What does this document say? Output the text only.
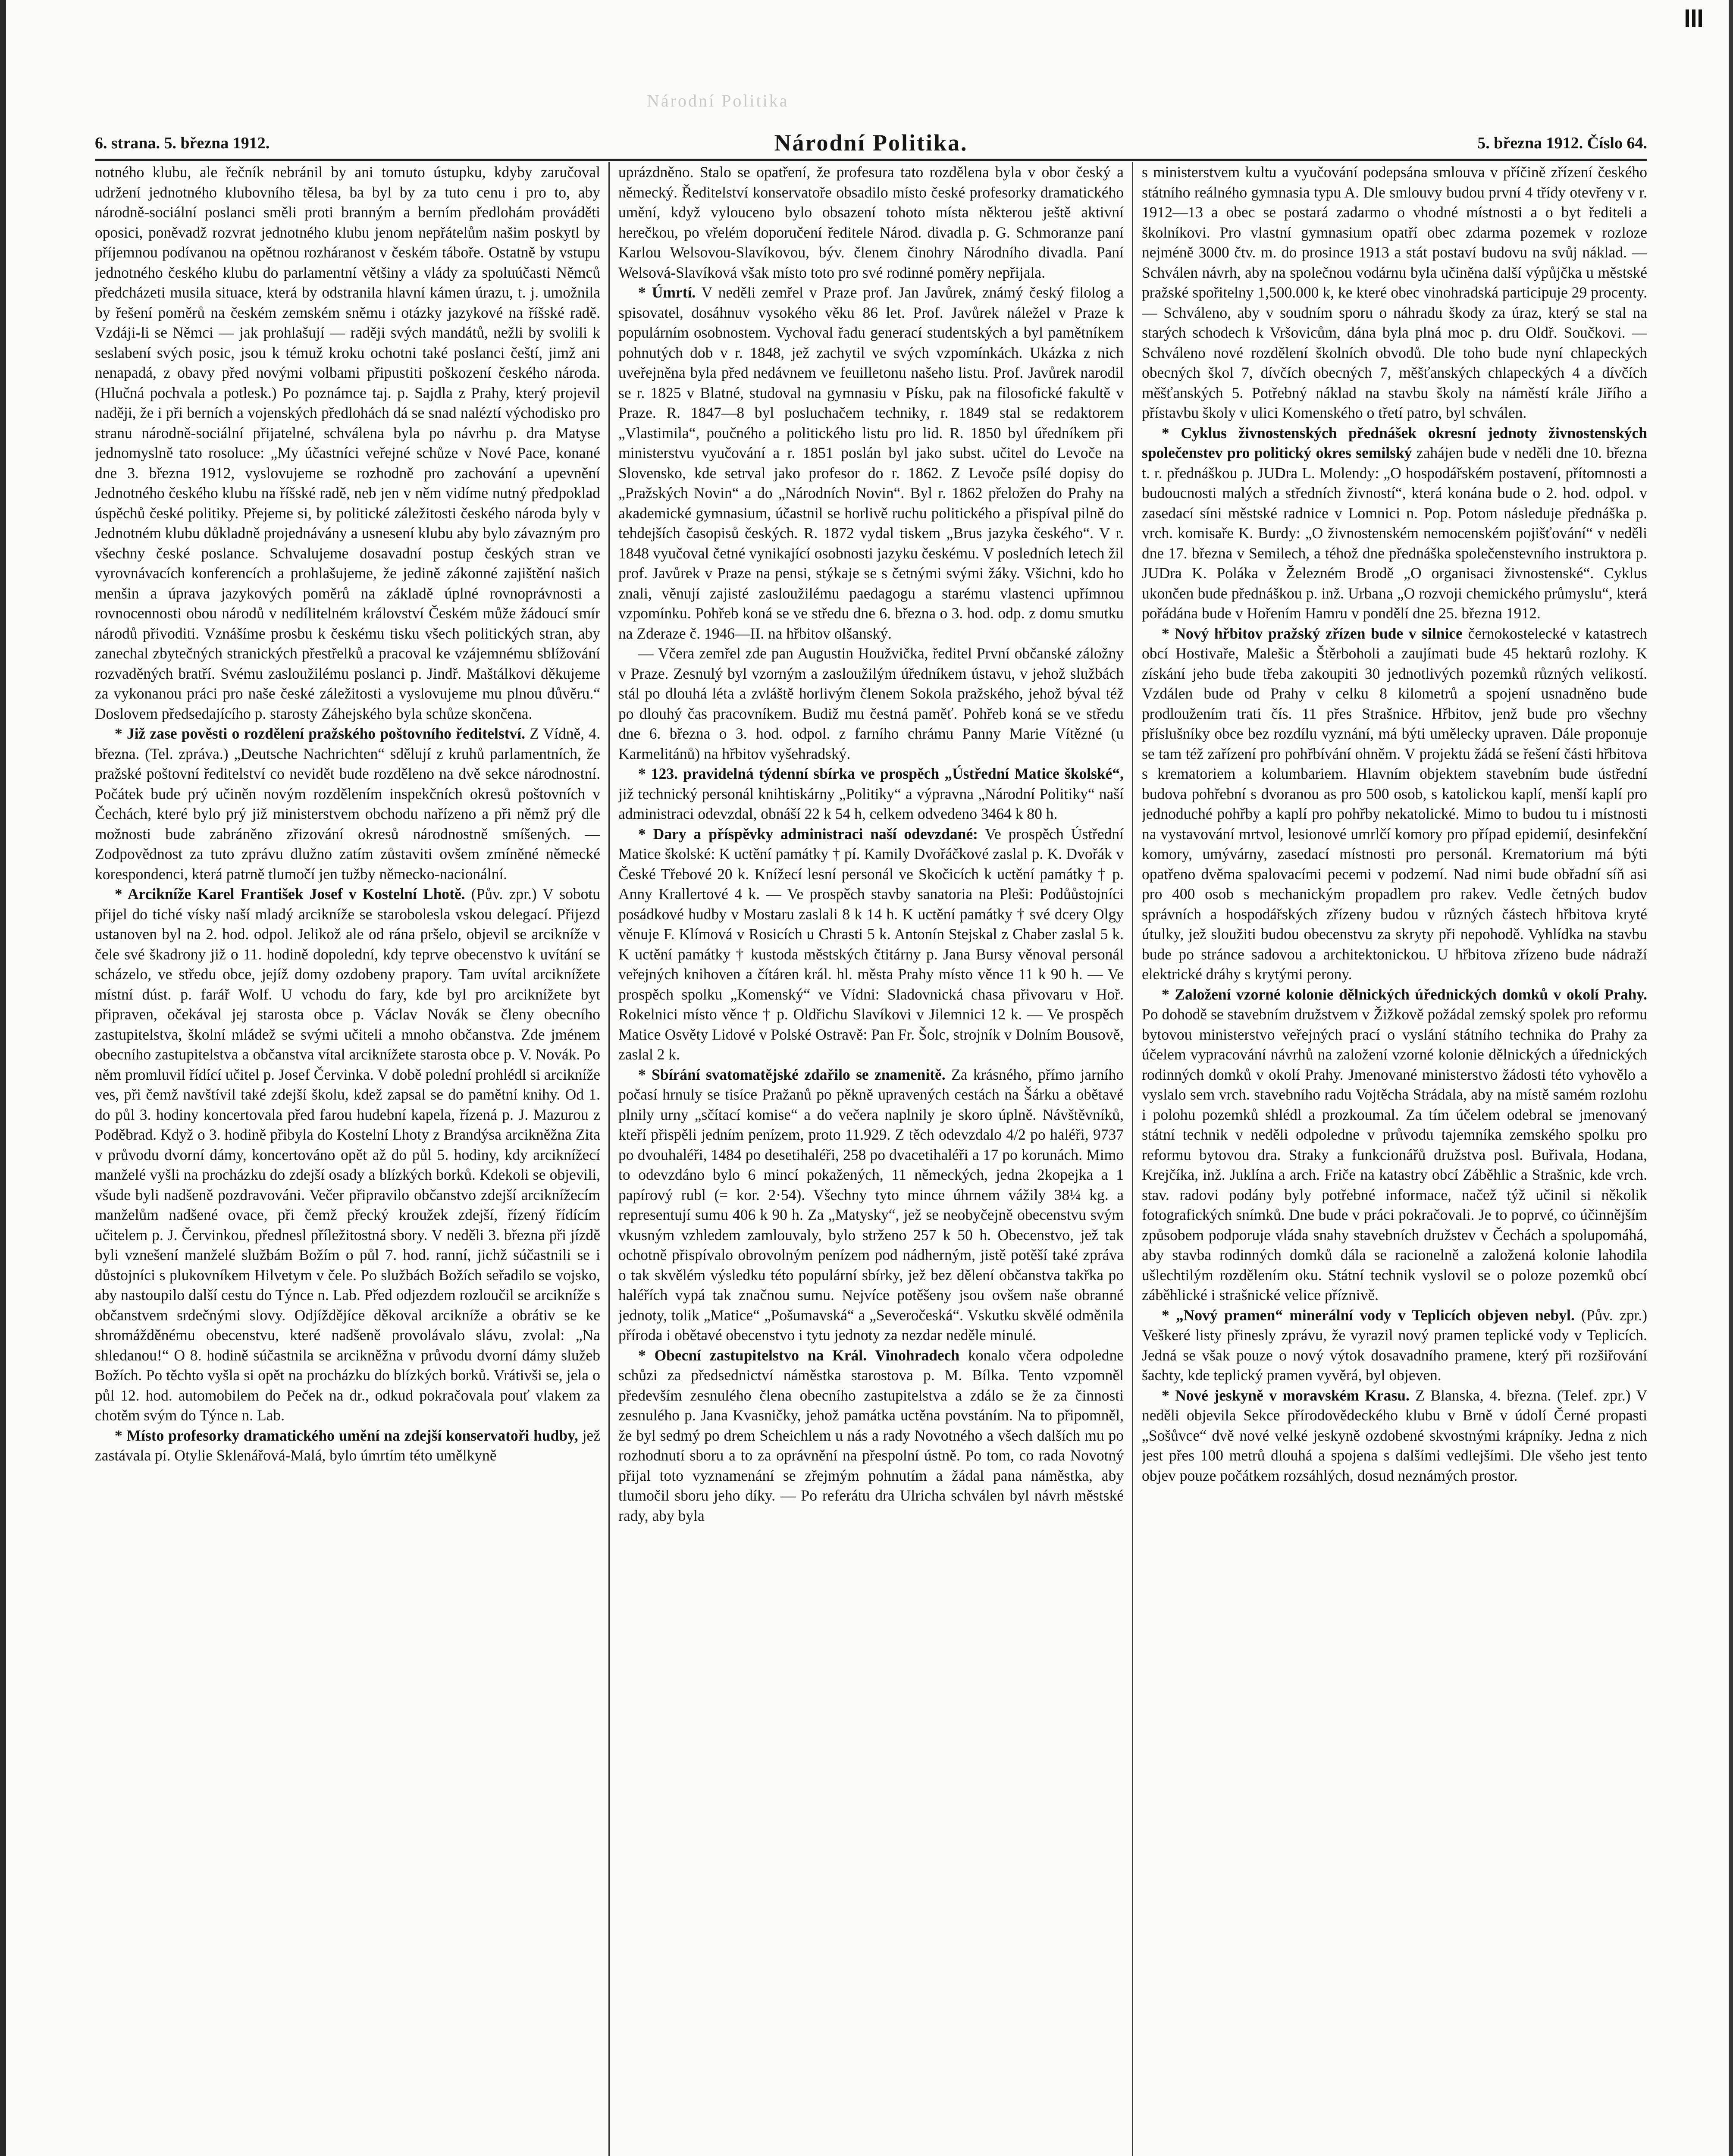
Národní Politika
6. strana. 5. března 1912.	Národní Politika.	5. března 1912. Číslo 64.

notného klubu, ale řečník nebránil by ani tomuto ústupku, kdyby zaručoval udržení jednotného klubovního tělesa, ba byl by za tuto cenu i pro to, aby národně-sociální poslanci směli proti branným a berním předlohám prováděti oposici, poněvadž rozvrat jednotného klubu jenom nepřátelům našim poskytl by příjemnou podívanou na opětnou rozháranost v českém táboře. Ostatně by vstupu jednotného českého klubu do parlamentní většiny a vlády za spoluúčasti Němců předcházeti musila situace, která by odstranila hlavní kámen úrazu, t. j. umožnila by řešení poměrů na českém zemském sněmu i otázky jazykové na říšské radě. Vzdáji-li se Němci — jak prohlašují — raději svých mandátů, nežli by svolili k seslabení svých posic, jsou k témuž kroku ochotni také poslanci čeští, jimž ani nenapadá, z obavy před novými volbami připustiti poškození českého národa. (Hlučná pochvala a potlesk.) Po poznámce taj. p. Sajdla z Prahy, který projevil naději, že i při berních a vojenských předlohách dá se snad naléztí východisko pro stranu národně-sociální přijatelné, schválena byla po návrhu p. dra Matyse jednomyslně tato rosoluce: „My účastníci veřejné schůze v Nové Pace, konané dne 3. března 1912, vyslovujeme se rozhodně pro zachování a upevnění Jednotného českého klubu na říšské radě, neb jen v něm vidíme nutný předpoklad úspěchů české politiky. Přejeme si, by politické záležitosti českého národa byly v Jednotném klubu důkladně projednávány a usnesení klubu aby bylo závazným pro všechny české poslance. Schvalujeme dosavadní postup českých stran ve vyrovnávacích konferencích a prohlašujeme, že jedině zákonné zajištění našich menšin a úprava jazykových poměrů na základě úplné rovnoprávnosti a rovnocennosti obou národů v nedílitelném království Českém může žádoucí smír národů přivoditi. Vznášíme prosbu k českému tisku všech politických stran, aby zanechal zbytečných stranických přestřelků a pracoval ke vzájemnému sblížování rozvaděných bratří. Svému zasloužilému poslanci p. Jindř. Maštálkovi děkujeme za vykonanou práci pro naše české záležitosti a vyslovujeme mu plnou důvěru.“ Doslovem předsedajícího p. starosty Záhejského byla schůze skončena.

* Již zase pověsti o rozdělení pražského poštovního ředitelství. Z Vídně, 4. března. (Tel. zpráva.) „Deutsche Nachrichten“ sdělují z kruhů parlamentních, že pražské poštovní ředitelství co nevidět bude rozděleno na dvě sekce národnostní. Počátek bude prý učiněn novým rozdělením inspekčních okresů poštovních v Čechách, které bylo prý již ministerstvem obchodu nařízeno a při němž prý dle možnosti bude zabráněno zřizování okresů národnostně smíšených. — Zodpovědnost za tuto zprávu dlužno zatím zůstaviti ovšem zmíněné německé korespondenci, která patrně tlumočí jen tužby německo-nacionální.

* Arcikníže Karel František Josef v Kostelní Lhotě. (Pův. zpr.) V sobotu přijel do tiché vísky naší mladý arcikníže se starobolesla vskou delegací. Přijezd ustanoven byl na 2. hod. odpol. Jelikož ale od rána pršelo, objevil se arcikníže v čele své škadrony již o 11. hodině dopolední, kdy teprve obecenstvo k uvítání se scházelo, ve středu obce, jejíž domy ozdobeny prapory. Tam uvítal arciknížete místní dúst. p. farář Wolf. U vchodu do fary, kde byl pro arciknížete byt připraven, očekával jej starosta obce p. Václav Novák se členy obecního zastupitelstva, školní mládež se svými učiteli a mnoho občanstva. Zde jménem obecního zastupitelstva a občanstva vítal arciknížete starosta obce p. V. Novák. Po něm promluvil řídící učitel p. Josef Červinka. V době polední prohlédl si arcikníže ves, při čemž navštívil také zdejší školu, kdež zapsal se do pamětní knihy. Od 1. do půl 3. hodiny koncertovala před farou hudební kapela, řízená p. J. Mazurou z Poděbrad. Když o 3. hodině přibyla do Kostelní Lhoty z Brandýsa arcikněžna Zita v průvodu dvorní dámy, koncertováno opět až do půl 5. hodiny, kdy arciknížecí manželé vyšli na procházku do zdejší osady a blízkých borků. Kdekoli se objevili, všude byli nadšeně pozdravováni. Večer připravilo občanstvo zdejší arciknížecím manželům nadšené ovace, při čemž přecký kroužek zdejší, řízený řídícím učitelem p. J. Červinkou, přednesl příležitostná sbory. V neděli 3. března při jízdě byli vznešení manželé službám Božím o půl 7. hod. ranní, jichž súčastnili se i důstojníci s plukovníkem Hilvetym v čele. Po službách Božích seřadilo se vojsko, aby nastoupilo další cestu do Týnce n. Lab. Před odjezdem rozloučil se arcikníže s občanstvem srdečnými slovy. Odjíždějíce děkoval arcikníže a obrátiv se ke shromážděnému obecenstvu, které nadšeně provolávalo slávu, zvolal: „Na shledanou!“ O 8. hodině súčastnila se arcikněžna v průvodu dvorní dámy služeb Božích. Po těchto vyšla si opět na procházku do blízkých borků. Vrátivši se, jela o půl 12. hod. automobilem do Peček na dr., odkud pokračovala pouť vlakem za chotěm svým do Týnce n. Lab.

* Místo profesorky dramatického umění na zdejší konservatoři hudby, jež zastávala pí. Otylie Sklenářová-Malá, bylo úmrtím této umělkyně

uprázdněno. Stalo se opatření, že profesura tato rozdělena byla v obor český a německý. Ředitelství konservatoře obsadilo místo české profesorky dramatického umění, když vylouceno bylo obsazení tohoto místa některou ještě aktivní herečkou, po vřelém doporučení ředitele Národ. divadla p. G. Schmoranze paní Karlou Welsovou-Slavíkovou, býv. členem činohry Národního divadla. Paní Welsová-Slavíková však místo toto pro své rodinné poměry nepřijala.

* Úmrtí. V neděli zemřel v Praze prof. Jan Javůrek, známý český filolog a spisovatel, dosáhnuv vysokého věku 86 let. Prof. Javůrek náležel v Praze k populárním osobnostem. Vychoval řadu generací studentských a byl pamětníkem pohnutých dob v r. 1848, jež zachytil ve svých vzpomínkách. Ukázka z nich uveřejněna byla před nedávnem ve feuilletonu našeho listu. Prof. Javůrek narodil se r. 1825 v Blatné, studoval na gymnasiu v Písku, pak na filosofické fakultě v Praze. R. 1847—8 byl posluchačem techniky, r. 1849 stal se redaktorem „Vlastimila“, poučného a politického listu pro lid. R. 1850 byl úředníkem při ministerstvu vyučování a r. 1851 poslán byl jako subst. učitel do Levoče na Slovensko, kde setrval jako profesor do r. 1862. Z Levoče psílé dopisy do „Pražských Novin“ a do „Národních Novin“. Byl r. 1862 přeložen do Prahy na akademické gymnasium, účastnil se horlivě ruchu politického a přispíval pilně do tehdejších časopisů českých. R. 1872 vydal tiskem „Brus jazyka českého“. V r. 1848 vyučoval četné vynikající osobnosti jazyku českému. V posledních letech žil prof. Javůrek v Praze na pensi, stýkaje se s četnými svými žáky. Všichni, kdo ho znali, věnují zajisté zasloužilému paedagogu a starému vlastenci upřímnou vzpomínku. Pohřeb koná se ve středu dne 6. března o 3. hod. odp. z domu smutku na Zderaze č. 1946—II. na hřbitov olšanský.

— Včera zemřel zde pan Augustin Houžvička, ředitel První občanské záložny v Praze. Zesnulý byl vzorným a zasloužilým úředníkem ústavu, v jehož službách stál po dlouhá léta a zvláště horlivým členem Sokola pražského, jehož býval též po dlouhý čas pracovníkem. Budiž mu čestná paměť. Pohřeb koná se ve středu dne 6. března o 3. hod. odpol. z farního chrámu Panny Marie Vítězné (u Karmelitánů) na hřbitov vyšehradský.

* 123. pravidelná týdenní sbírka ve prospěch „Ústřední Matice školské“, již technický personál knihtiskárny „Politiky“ a výpravna „Národní Politiky“ naší administraci odevzdal, obnáší 22 k 54 h, celkem odvedeno 3464 k 80 h.

* Dary a příspěvky administraci naší odevzdané: Ve prospěch Ústřední Matice školské: K uctění památky † pí. Kamily Dvořáčkové zaslal p. K. Dvořák v České Třebové 20 k. Knížecí lesní personál ve Skočicích k uctění památky † p. Anny Krallertové 4 k. — Ve prospěch stavby sanatoria na Pleši: Podůůstojníci posádkové hudby v Mostaru zaslali 8 k 14 h. K uctění památky † své dcery Olgy věnuje F. Klímová v Rosicích u Chrasti 5 k. Antonín Stejskal z Chaber zaslal 5 k. K uctění památky † kustoda městských čtitárny p. Jana Bursy věnoval personál veřejných knihoven a čítáren král. hl. města Prahy místo věnce 11 k 90 h. — Ve prospěch spolku „Komenský“ ve Vídni: Sladovnická chasa přivovaru v Hoř. Rokelnici místo věnce † p. Oldřichu Slavíkovi v Jilemnici 12 k. — Ve prospěch Matice Osvěty Lidové v Polské Ostravě: Pan Fr. Šolc, strojník v Dolním Bousově, zaslal 2 k.

* Sbírání svatomatějské zdařilo se znamenitě. Za krásného, přímo jarního počasí hrnuly se tisíce Pražanů po pěkně upravených cestách na Šárku a obětavé plnily urny „sčítací komise“ a do večera naplnily je skoro úplně. Návštěvníků, kteří přispěli jedním penízem, proto 11.929. Z těch odevzdalo 4/2 po haléři, 9737 po dvouhaléři, 1484 po desetihaléři, 258 po dvacetihaléři a 17 po korunách. Mimo to odevzdáno bylo 6 mincí pokažených, 11 německých, jedna 2kopejka a 1 papírový rubl (= kor. 2·54). Všechny tyto mince úhrnem vážily 38¼ kg. a representují sumu 406 k 90 h. Za „Matysky“, jež se neobyčejně obecenstvu svým vkusným vzhledem zamlouvaly, bylo strženo 257 k 50 h. Obecenstvo, jež tak ochotně přispívalo obrovolným penízem pod nádherným, jistě potěší také zpráva o tak skvělém výsledku této populární sbírky, jež bez dělení občanstva takřka po haléřích vypá tak značnou sumu. Nejvíce potěšeny jsou ovšem naše obranné jednoty, tolik „Matice“ „Pošumavská“ a „Severočeská“. Vskutku skvělé odměnila příroda i obětavé obecenstvo i tytu jednoty za nezdar neděle minulé.

* Obecní zastupitelstvo na Král. Vinohradech konalo včera odpoledne schůzi za předsednictví náměstka starostova p. M. Bílka. Tento vzpomněl především zesnulého člena obecního zastupitelstva a zdálo se že za činnosti zesnulého p. Jana Kvasničky, jehož památka uctěna povstáním. Na to připomněl, že byl sedmý po drem Scheichlem u nás a rady Novotného a všech dalších mu po rozhodnutí sboru a to za oprávnění na přespolní ústně. Po tom, co rada Novotný přijal toto vyznamenání se zřejmým pohnutím a žádal pana náměstka, aby tlumočil sboru jeho díky. — Po referátu dra Ulricha schválen byl návrh městské rady, aby byla

s ministerstvem kultu a vyučování podepsána smlouva v příčině zřízení českého státního reálného gymnasia typu A. Dle smlouvy budou první 4 třídy otevřeny v r. 1912—13 a obec se postará zadarmo o vhodné místnosti a o byt řediteli a školníkovi. Pro vlastní gymnasium opatří obec zdarma pozemek v rozloze nejméně 3000 čtv. m. do prosince 1913 a stát postaví budovu na svůj náklad. — Schválen návrh, aby na společnou vodárnu byla učiněna další výpůjčka u městské pražské spořitelny 1,500.000 k, ke které obec vinohradská participuje 29 procenty. — Schváleno, aby v soudním sporu o náhradu škody za úraz, který se stal na starých schodech k Vršovicům, dána byla plná moc p. dru Oldř. Součkovi. — Schváleno nové rozdělení školních obvodů. Dle toho bude nyní chlapeckých obecných škol 7, dívčích obecných 7, měšťanských chlapeckých 4 a dívčích měšťanských 5. Potřebný náklad na stavbu školy na náměstí krále Jiřího a přístavbu školy v ulici Komenského o třetí patro, byl schválen.

* Cyklus živnostenských přednášek okresní jednoty živnostenských společenstev pro politický okres semilský zahájen bude v neděli dne 10. března t. r. přednáškou p. JUDra L. Molendy: „O hospodářském postavení, přítomnosti a budoucnosti malých a středních živností“, která konána bude o 2. hod. odpol. v zasedací síni městské radnice v Lomnici n. Pop. Potom následuje přednáška p. vrch. komisaře K. Burdy: „O živnostenském nemocenském pojišťování“ v neděli dne 17. března v Semilech, a téhož dne přednáška společenstevního instruktora p. JUDra K. Poláka v Železném Brodě „O organisaci živnostenské“. Cyklus ukončen bude přednáškou p. inž. Urbana „O rozvoji chemického průmyslu“, která pořádána bude v Hořením Hamru v pondělí dne 25. března 1912.

* Nový hřbitov pražský zřízen bude v silnice černokostelecké v katastrech obcí Hostivaře, Malešic a Štěrboholi a zaujímati bude 45 hektarů rozlohy. K získání jeho bude třeba zakoupiti 30 jednotlivých pozemků různých velikostí. Vzdálen bude od Prahy v celku 8 kilometrů a spojení usnadněno bude prodloužením trati čís. 11 přes Strašnice. Hřbitov, jenž bude pro všechny příslušníky obce bez rozdílu vyznání, má býti umělecky upraven. Dále proponuje se tam též zařízení pro pohřbívání ohněm. V projektu žádá se řešení části hřbitova s krematoriem a kolumbariem. Hlavním objektem stavebním bude ústřední budova pohřební s dvoranou as pro 500 osob, s katolickou kaplí, menší kaplí pro jednoduché pohřby a kaplí pro pohřby nekatolické. Mimo to budou tu i místnosti na vystavování mrtvol, lesionové umrlčí komory pro případ epidemií, desinfekční komory, umývárny, zasedací místnosti pro personál. Krematorium má býti opatřeno dvěma spalovacími pecemi v podzemí. Nad nimi bude obřadní síň asi pro 400 osob s mechanickým propadlem pro rakev. Vedle četných budov správních a hospodářských zřízeny budou v různých částech hřbitova kryté útulky, jež sloužiti budou obecenstvu za skryty při nepohodě. Vyhlídka na stavbu bude po stránce sadovou a architektonickou. U hřbitova zřízeno bude nádraží elektrické dráhy s krytými perony.

* Založení vzorné kolonie dělnických úřednických domků v okolí Prahy. Po dohodě se stavebním družstvem v Žižkově požádal zemský spolek pro reformu bytovou ministerstvo veřejných prací o vyslání státního technika do Prahy za účelem vypracování návrhů na založení vzorné kolonie dělnických a úřednických rodinných domků v okolí Prahy. Jmenované ministerstvo žádosti této vyhovělo a vyslalo sem vrch. stavebního radu Vojtěcha Strádala, aby na místě samém rozlohu i polohu pozemků shlédl a prozkoumal. Za tím účelem odebral se jmenovaný státní technik v neděli odpoledne v průvodu tajemníka zemského spolku pro reformu bytovou dra. Straky a funkcionářů družstva posl. Buřivala, Hodana, Krejčíka, inž. Juklína a arch. Friče na katastry obcí Záběhlic a Strašnic, kde vrch. stav. radovi podány byly potřebné informace, načež týž učinil si několik fotografických snímků. Dne bude v práci pokračovali. Je to poprvé, co účinnějším způsobem podporuje vláda snahy stavebních družstev v Čechách a spolupomáhá, aby stavba rodinných domků dála se racionelně a založená kolonie lahodila ušlechtilým rozdělením oku. Státní technik vyslovil se o poloze pozemků obcí záběhlické i strašnické velice příznivě.

* „Nový pramen“ minerální vody v Teplicích objeven nebyl. (Pův. zpr.) Veškeré listy přinesly zprávu, že vyrazil nový pramen teplické vody v Teplicích. Jedná se však pouze o nový výtok dosavadního pramene, který při rozšiřování šachty, kde teplický pramen vyvěrá, byl objeven.

* Nové jeskyně v moravském Krasu. Z Blanska, 4. března. (Telef. zpr.) V neděli objevila Sekce přírodovědeckého klubu v Brně v údolí Černé propasti „Sošůvce“ dvě nové velké jeskyně ozdobené skvostnými krápníky. Jedna z nich jest přes 100 metrů dlouhá a spojena s dalšími vedlejšími. Dle všeho jest tento objev pouze počátkem rozsáhlých, dosud neznámých prostor.
